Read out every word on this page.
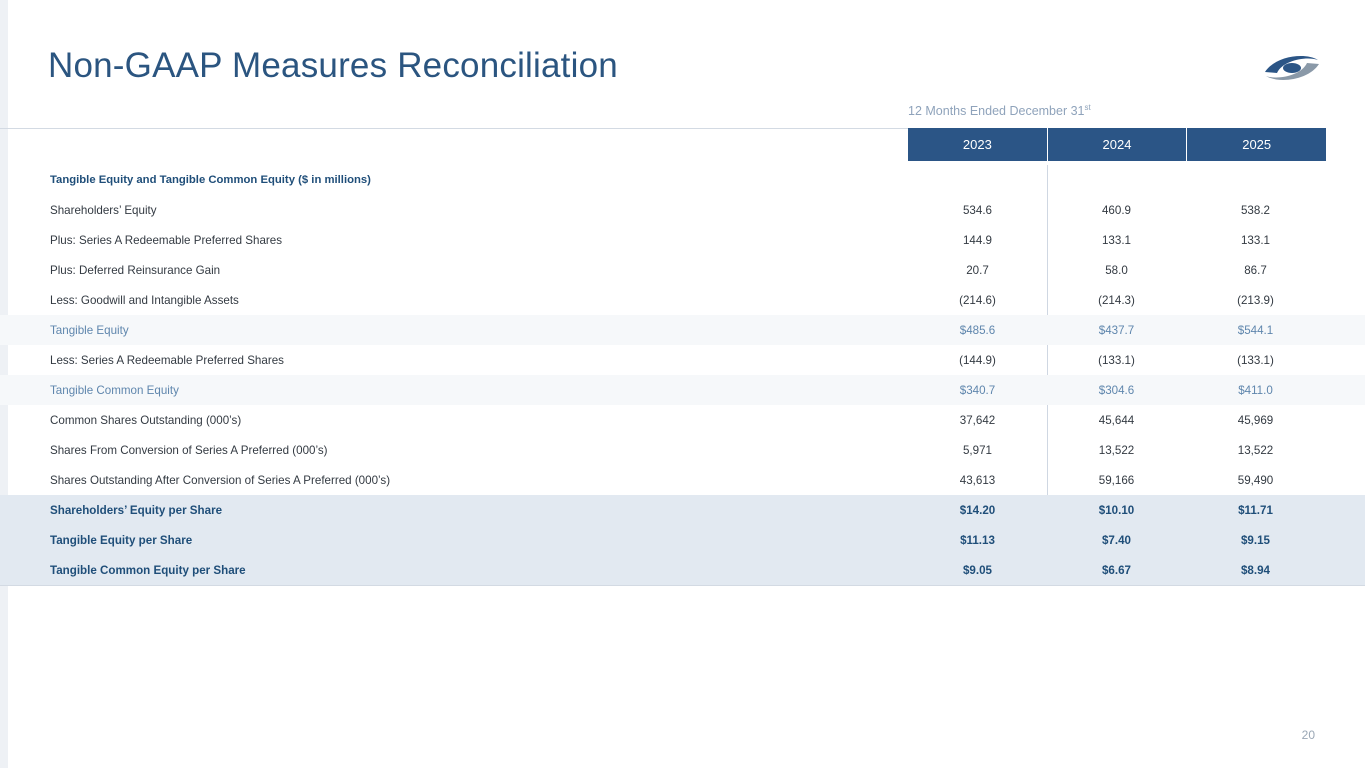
Non-GAAP Measures Reconciliation
12 Months Ended December 31st
2023	2024	2025
Tangible Equity and Tangible Common Equity ($ in millions)
Shareholders’ Equity	534.6	460.9	538.2
Plus: Series A Redeemable Preferred Shares	144.9	133.1	133.1
Plus: Deferred Reinsurance Gain	20.7	58.0	86.7
Less: Goodwill and Intangible Assets	(214.6)	(214.3)	(213.9)
Tangible Equity	$485.6	$437.7	$544.1
Less: Series A Redeemable Preferred Shares	(144.9)	(133.1)	(133.1)
Tangible Common Equity	$340.7	$304.6	$411.0
Common Shares Outstanding (000’s)	37,642	45,644	45,969
Shares From Conversion of Series A Preferred (000’s)	5,971	13,522	13,522
Shares Outstanding After Conversion of Series A Preferred (000’s)	43,613	59,166	59,490
Shareholders’ Equity per Share	$14.20	$10.10	$11.71
Tangible Equity per Share	$11.13	$7.40	$9.15
Tangible Common Equity per Share	$9.05	$6.67	$8.94
20
